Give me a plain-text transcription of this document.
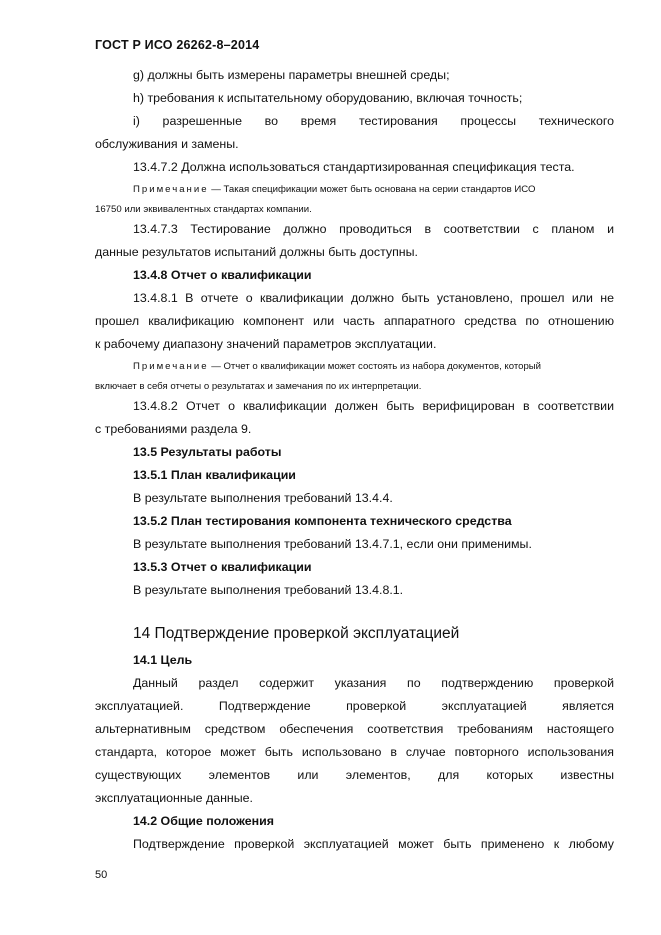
ГОСТ Р ИСО 26262-8–2014

g) должны быть измерены параметры внешней среды;

h) требования к испытательному оборудованию, включая точность;

i) разрешенные во время тестирования процессы технического

обслуживания и замены.

13.4.7.2 Должна использоваться стандартизированная спецификация теста.

Примечание — Такая спецификации может быть основана на серии стандартов ИСО

16750 или эквивалентных стандартах компании.

13.4.7.3 Тестирование должно проводиться в соответствии с планом и

данные результатов испытаний должны быть доступны.

13.4.8 Отчет о квалификации

13.4.8.1 В отчете о квалификации должно быть установлено, прошел или не

прошел квалификацию компонент или часть аппаратного средства по отношению

к рабочему диапазону значений параметров эксплуатации.

Примечание — Отчет о квалификации может состоять из набора документов, который

включает в себя отчеты о результатах и замечания по их интерпретации.

13.4.8.2 Отчет о квалификации должен быть верифицирован в соответствии

с требованиями раздела 9.

13.5 Результаты работы

13.5.1 План квалификации

В результате выполнения требований 13.4.4.

13.5.2 План тестирования компонента технического средства

В результате выполнения требований 13.4.7.1, если они применимы.

13.5.3 Отчет о квалификации

В результате выполнения требований 13.4.8.1.

14 Подтверждение проверкой эксплуатацией

14.1 Цель

Данный раздел содержит указания по подтверждению проверкой

эксплуатацией. Подтверждение проверкой эксплуатацией является

альтернативным средством обеспечения соответствия требованиям настоящего

стандарта, которое может быть использовано в случае повторного использования

существующих элементов или элементов, для которых известны

эксплуатационные данные.

14.2 Общие положения

Подтверждение проверкой эксплуатацией может быть применено к любому

50
